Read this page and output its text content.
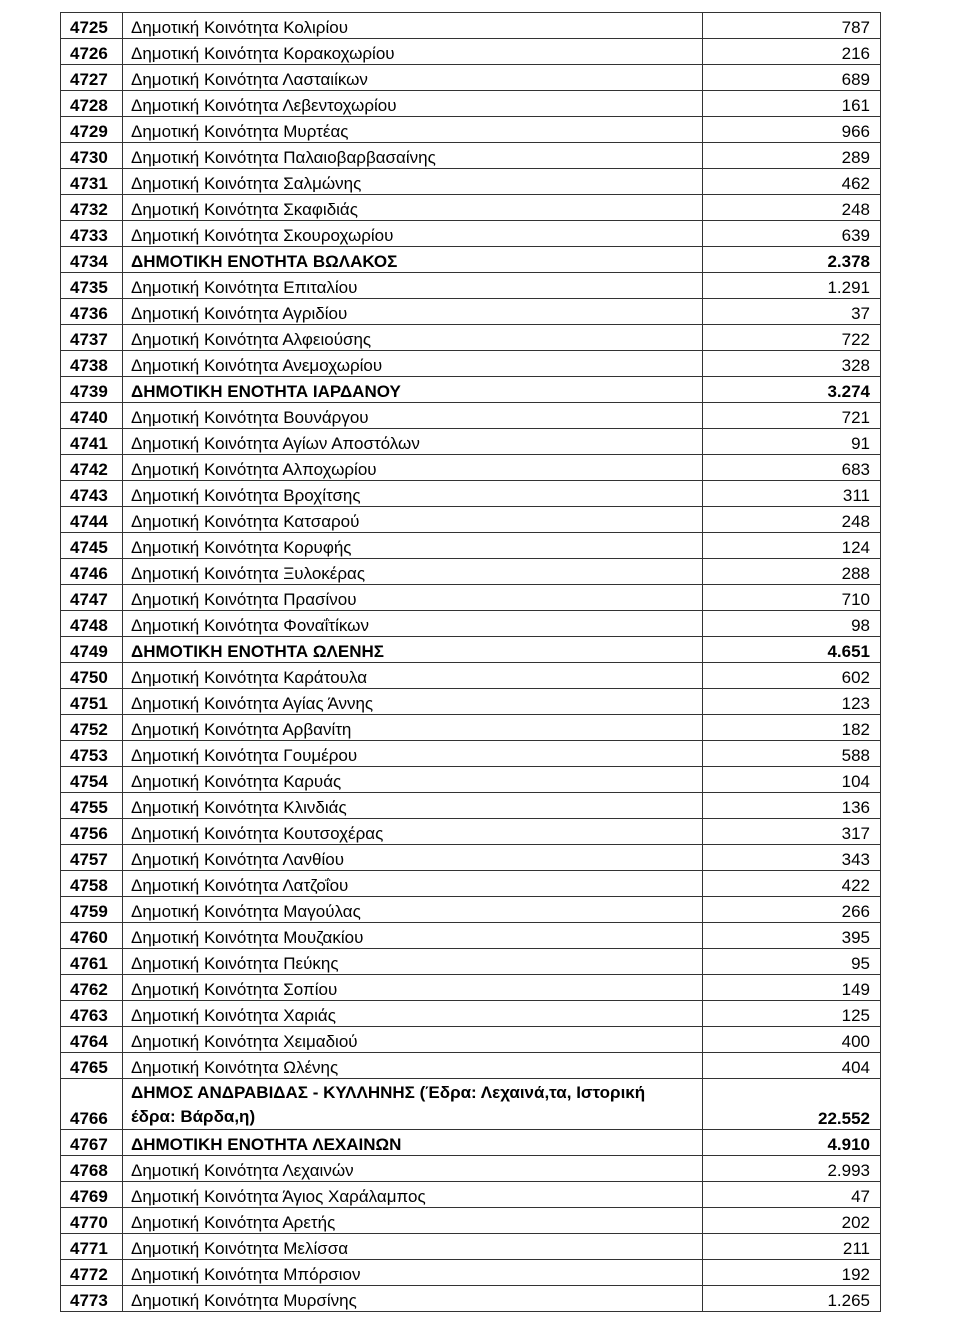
4725	Δημοτική Κοινότητα Κολιρίου	787
4726	Δημοτική Κοινότητα Κορακοχωρίου	216
4727	Δημοτική Κοινότητα Λασταιίκων	689
4728	Δημοτική Κοινότητα Λεβεντοχωρίου	161
4729	Δημοτική Κοινότητα Μυρτέας	966
4730	Δημοτική Κοινότητα Παλαιοβαρβασαίνης	289
4731	Δημοτική Κοινότητα Σαλμώνης	462
4732	Δημοτική Κοινότητα Σκαφιδιάς	248
4733	Δημοτική Κοινότητα Σκουροχωρίου	639
4734	ΔΗΜΟΤΙΚΗ ΕΝΟΤΗΤΑ ΒΩΛΑΚΟΣ	2.378
4735	Δημοτική Κοινότητα Επιταλίου	1.291
4736	Δημοτική Κοινότητα Αγριδίου	37
4737	Δημοτική Κοινότητα Αλφειούσης	722
4738	Δημοτική Κοινότητα Ανεμοχωρίου	328
4739	ΔΗΜΟΤΙΚΗ ΕΝΟΤΗΤΑ ΙΑΡΔΑΝΟΥ	3.274
4740	Δημοτική Κοινότητα Βουνάργου	721
4741	Δημοτική Κοινότητα Αγίων Αποστόλων	91
4742	Δημοτική Κοινότητα Αλποχωρίου	683
4743	Δημοτική Κοινότητα Βροχίτσης	311
4744	Δημοτική Κοινότητα Κατσαρού	248
4745	Δημοτική Κοινότητα Κορυφής	124
4746	Δημοτική Κοινότητα Ξυλοκέρας	288
4747	Δημοτική Κοινότητα Πρασίνου	710
4748	Δημοτική Κοινότητα Φοναΐτίκων	98
4749	ΔΗΜΟΤΙΚΗ ΕΝΟΤΗΤΑ ΩΛΕΝΗΣ	4.651
4750	Δημοτική Κοινότητα Καράτουλα	602
4751	Δημοτική Κοινότητα Αγίας Άννης	123
4752	Δημοτική Κοινότητα Αρβανίτη	182
4753	Δημοτική Κοινότητα Γουμέρου	588
4754	Δημοτική Κοινότητα Καρυάς	104
4755	Δημοτική Κοινότητα Κλινδιάς	136
4756	Δημοτική Κοινότητα Κουτσοχέρας	317
4757	Δημοτική Κοινότητα Λανθίου	343
4758	Δημοτική Κοινότητα Λατζοΐου	422
4759	Δημοτική Κοινότητα Μαγούλας	266
4760	Δημοτική Κοινότητα Μουζακίου	395
4761	Δημοτική Κοινότητα Πεύκης	95
4762	Δημοτική Κοινότητα Σοπίου	149
4763	Δημοτική Κοινότητα Χαριάς	125
4764	Δημοτική Κοινότητα Χειμαδιού	400
4765	Δημοτική Κοινότητα Ωλένης	404
4766	ΔΗΜΟΣ ΑΝΔΡΑΒΙΔΑΣ - ΚΥΛΛΗΝΗΣ (Έδρα: Λεχαινά,τα, Ιστορική έδρα: Βάρδα,η)	22.552
4767	ΔΗΜΟΤΙΚΗ ΕΝΟΤΗΤΑ ΛΕΧΑΙΝΩΝ	4.910
4768	Δημοτική Κοινότητα Λεχαινών	2.993
4769	Δημοτική Κοινότητα Άγιος Χαράλαμπος	47
4770	Δημοτική Κοινότητα Αρετής	202
4771	Δημοτική Κοινότητα Μελίσσα	211
4772	Δημοτική Κοινότητα Μπόρσιον	192
4773	Δημοτική Κοινότητα Μυρσίνης	1.265
